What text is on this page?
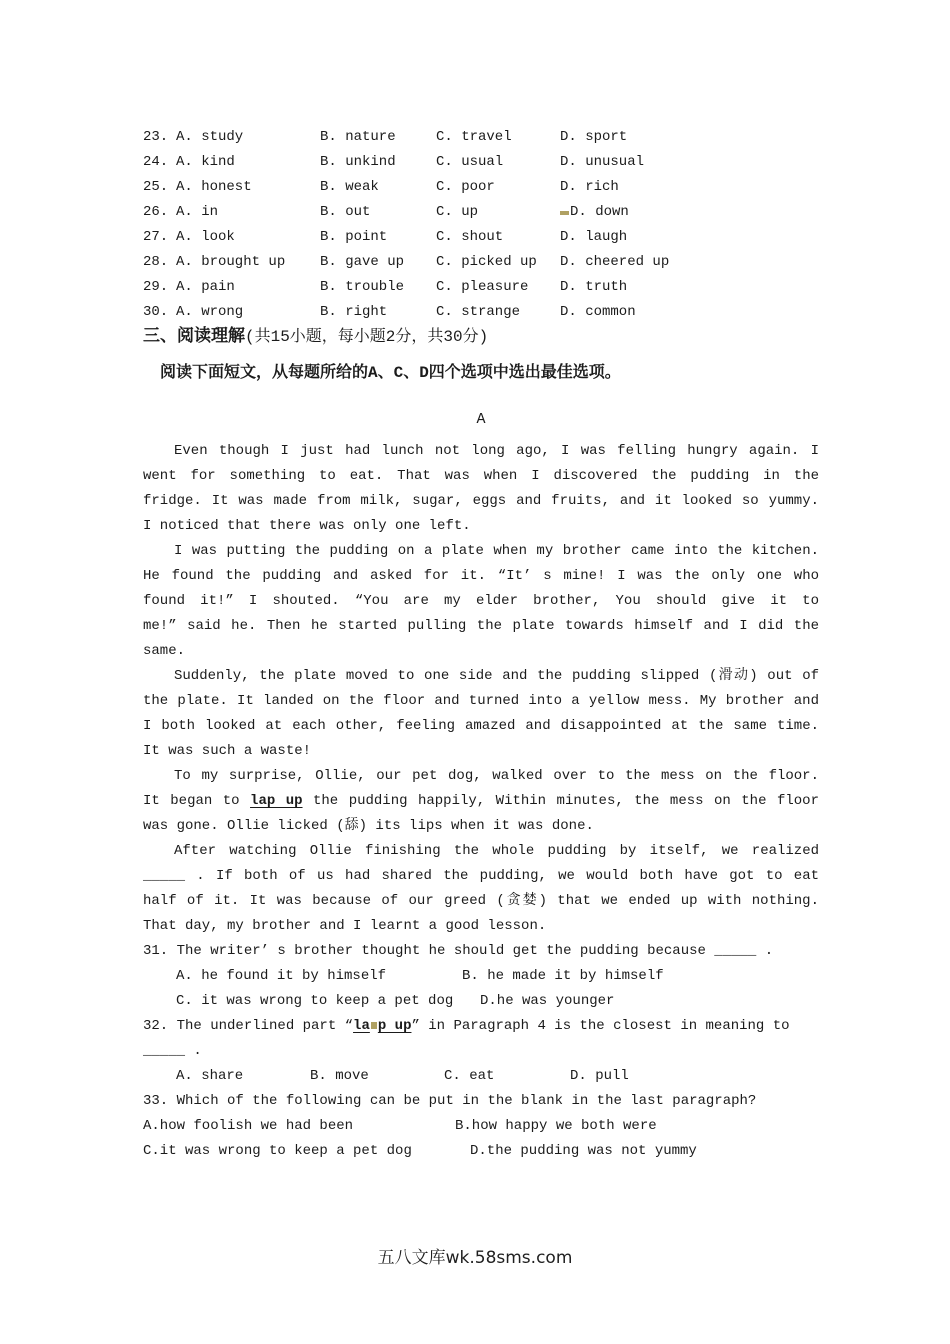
23. A. study	B. nature	C. travel	D. sport
24. A. kind	B. unkind	C. usual	D. unusual
25. A. honest	B. weak	C. poor	D. rich
26. A. in	B. out	C. up	D. down
27. A. look	B. point	C. shout	D. laugh
28. A. brought up	B. gave up	C. picked up	D. cheered up
29. A. pain	B. trouble	C. pleasure	D. truth
30. A. wrong	B. right	C. strange	D. common
三、阅读理解(共15小题，每小题2分，共30分)
阅读下面短文，从每题所给的A、C、D四个选项中选出最佳选项。
A
Even though I just had lunch not long ago, I was felling hungry again. I
went for something to eat. That was when I discovered the pudding in the
fridge. It was made from milk, sugar, eggs and fruits, and it looked so yummy.
I noticed that there was only one left.
I was putting the pudding on a plate when my brother came into the kitchen.
He found the pudding and asked for it. “It’ s mine! I was the only one who
found it!” I shouted. “You are my elder brother, You should give it to
me!” said he. Then he started pulling the plate towards himself and I did the
same.
Suddenly, the plate moved to one side and the pudding slipped (滑动) out of
the plate. It landed on the floor and turned into a yellow mess. My brother and
I both looked at each other, feeling amazed and disappointed at the same time.
It was such a waste!
To my surprise, Ollie, our pet dog, walked over to the mess on the floor.
It began to lap up the pudding happily, Within minutes, the mess on the floor
was gone. Ollie licked (舔) its lips when it was done.
After watching Ollie finishing the whole pudding by itself, we realized
_____ . If both of us had shared the pudding, we would both have got to eat
half of it. It was because of our greed (贪婪) that we ended up with nothing.
That day, my brother and I learnt a good lesson.
31. The writer’ s brother thought he should get the pudding because _____ .
A. he found it by himself	B. he made it by himself
C. it was wrong to keep a pet dog	D.he was younger
32. The underlined part “la p up” in Paragraph 4 is the closest in meaning to
_____ .
A. share	B. move	C. eat	D. pull
33. Which of the following can be put in the blank in the last paragraph?
A.how foolish we had been	B.how happy we both were
C.it was wrong to keep a pet dog	D.the pudding was not yummy
五八文库wk.58sms.com
